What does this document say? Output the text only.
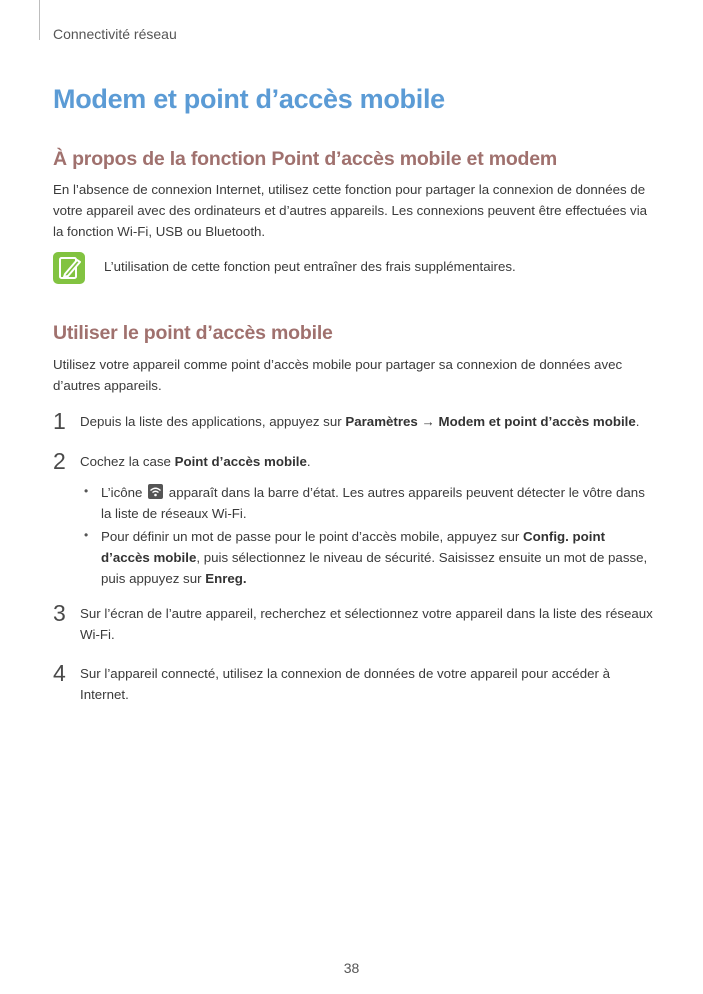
Connectivité réseau
Modem et point d’accès mobile
À propos de la fonction Point d’accès mobile et modem

En l’absence de connexion Internet, utilisez cette fonction pour partager la connexion de données de votre appareil avec des ordinateurs et d’autres appareils. Les connexions peuvent être effectuées via la fonction Wi-Fi, USB ou Bluetooth.

L’utilisation de cette fonction peut entraîner des frais supplémentaires.
Utiliser le point d’accès mobile

Utilisez votre appareil comme point d’accès mobile pour partager sa connexion de données avec d’autres appareils.

1 Depuis la liste des applications, appuyez sur Paramètres → Modem et point d’accès mobile.
2 Cochez la case Point d’accès mobile.
• L’icône
apparaît dans la barre d’état. Les autres appareils peuvent détecter le vôtre dans la liste de réseaux Wi-Fi.
• Pour définir un mot de passe pour le point d’accès mobile, appuyez sur Config. point d’accès mobile, puis sélectionnez le niveau de sécurité. Saisissez ensuite un mot de passe, puis appuyez sur Enreg.
3 Sur l’écran de l’autre appareil, recherchez et sélectionnez votre appareil dans la liste des réseaux Wi-Fi.
4 Sur l’appareil connecté, utilisez la connexion de données de votre appareil pour accéder à Internet.
38
